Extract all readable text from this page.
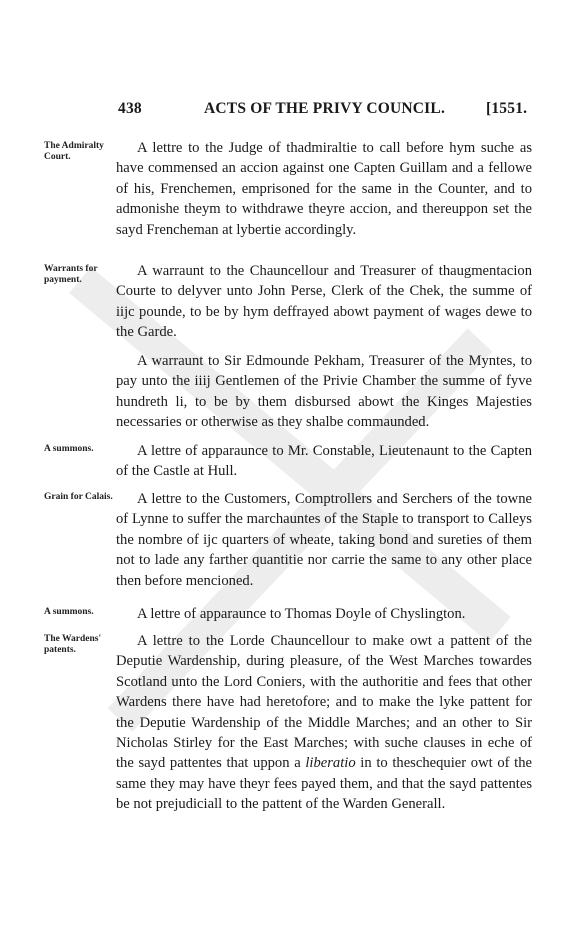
438	ACTS OF THE PRIVY COUNCIL.	[1551.
The Admiralty Court.
A lettre to the Judge of thadmiraltie to call before hym suche as have commensed an accion against one Capten Guillam and a fellowe of his, Frenchemen, emprisoned for the same in the Counter, and to admonishe theym to withdrawe theyre accion, and thereuppon set the sayd Frencheman at lybertie accordingly.
Warrants for payment.
A warraunt to the Chauncellour and Treasurer of thaugmentacion Courte to delyver unto John Perse, Clerk of the Chek, the summe of iijc pounde, to be by hym deffrayed abowt payment of wages dewe to the Garde.
A warraunt to Sir Edmounde Pekham, Treasurer of the Myntes, to pay unto the iiij Gentlemen of the Privie Chamber the summe of fyve hundreth li, to be by them disbursed abowt the Kinges Majesties necessaries or otherwise as they shalbe commaunded.
A summons.	A lettre of apparaunce to Mr. Constable, Lieutenaunt to the Capten of the Castle at Hull.
Grain for Calais.	A lettre to the Customers, Comptrollers and Serchers of the towne of Lynne to suffer the marchauntes of the Staple to transport to Calleys the nombre of ijc quarters of wheate, taking bond and sureties of them not to lade any farther quantitie nor carrie the same to any other place then before mencioned.
A summons.	A lettre of apparaunce to Thomas Doyle of Chyslington.
The Wardens' patents.
A lettre to the Lorde Chauncellour to make owt a pattent of the Deputie Wardenship, during pleasure, of the West Marches towardes Scotland unto the Lord Coniers, with the authoritie and fees that other Wardens there have had heretofore; and to make the lyke pattent for the Deputie Wardenship of the Middle Marches; and an other to Sir Nicholas Stirley for the East Marches; with suche clauses in eche of the sayd pattentes that uppon a liberatio in to theschequier owt of the same they may have theyr fees payed them, and that the sayd pattentes be not prejudiciall to the pattent of the Warden Generall.
